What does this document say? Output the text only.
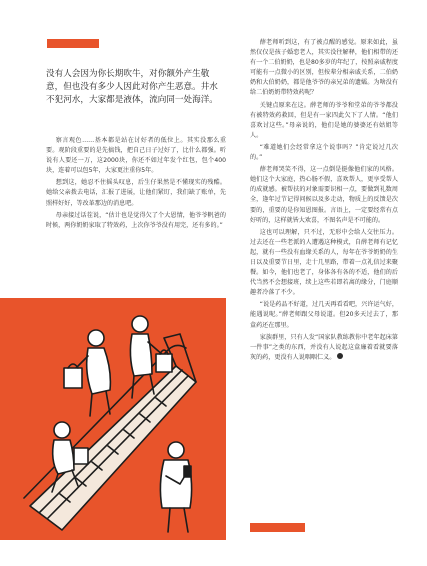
没有人会因为你长期吹牛，对你额外产生敬意，但也没有多少人因此对你产生恶意。井水不犯河水，大家都是液体，流向同一处海洋。

察言观色……基本都是站在讨好者的低位上。其实没那么重要。观阶段重要的是先搞钱，把自己日子过好了，比什么都强。听说有人要还一万，这2000块，你还不如过年发个红包，包个400块，连着可以包5年，大家更注重你5年。

想到这，她忍不住摇头叹息，后生仔果然是不懂现实的残酷。她给父亲拨去电话，汇报了进展，让他们紧盯，我们缺了账单，先照样好好，等改革那边的消息吧。

母亲接过话茬说，“估计也是觉得欠了个大恩情，他爷爷帆爸的时候，两你奶奶家取了特效药，上次你爷爷没有用完，还有多的。”

薛老师听到这，有了被点醒的感觉。原来如此，虽然仅仅是孩子婚恋老人，其实没往解释，他们相带的还有一个二伯奶奶，也是80多岁的年纪了，按照亲戚程度可能有一点微小的区别，但按辈分相亲戚关系，二伯奶奶和大伯奶奶，都是他爷爷的亲兄弟的遗孀。为啥没有给二伯奶奶带特效药呢？

关键点原来在这。薛老师的爷爷和堂弟的爷爷都没有被特效药救回，但是有一家四此欠下了人情。“他们喜欢讨这些。”母亲说的，他们是她的婆婆还有姑姐等人。

“难道她们会经常拿这个说事吗？”肯定说过几次的。”

薛老师哭笑不得，这一点倒是挺像他们家的风格。她们这个大家庭，热心肠不假，喜欢帮人，更享受帮人的成就感。被帮扶的对象需要识相一点，要做到礼数周全，逢年过节记得问候以及多走动，物质上的反馈是次要的，重要的是你知恩图报。言语上，一定要经常有点好听的，这样就皆大欢喜，不图名声是不可能的。

这也可以理解，只不过，无形中会给人交往压力。过去还在一些老派的人遭遇这种模式，自薛老师有记忆起，就有一些没有血缘关系的人，每年在爷爷奶奶的生日以及重要节日里，走十几里路，带着一点礼信过来聚餐。如今，他们也老了，身体各有各的不适，他们的后代当然不会想接班，续上这些若即若离的缘分，门庭顺趣者冷落了不少。

“说是药品不好道，过几天再看看吧，兴许运气好，能遇说呢。”薛老师跟父母说道。但20多天过去了，那盒药还在那里。

家族群里，只有人发“国家队教练教你中老年起床第一件事”之类的东西，并没有人说起这盒廉着看就要落灰的药，更没有人说咽咽仁义。
